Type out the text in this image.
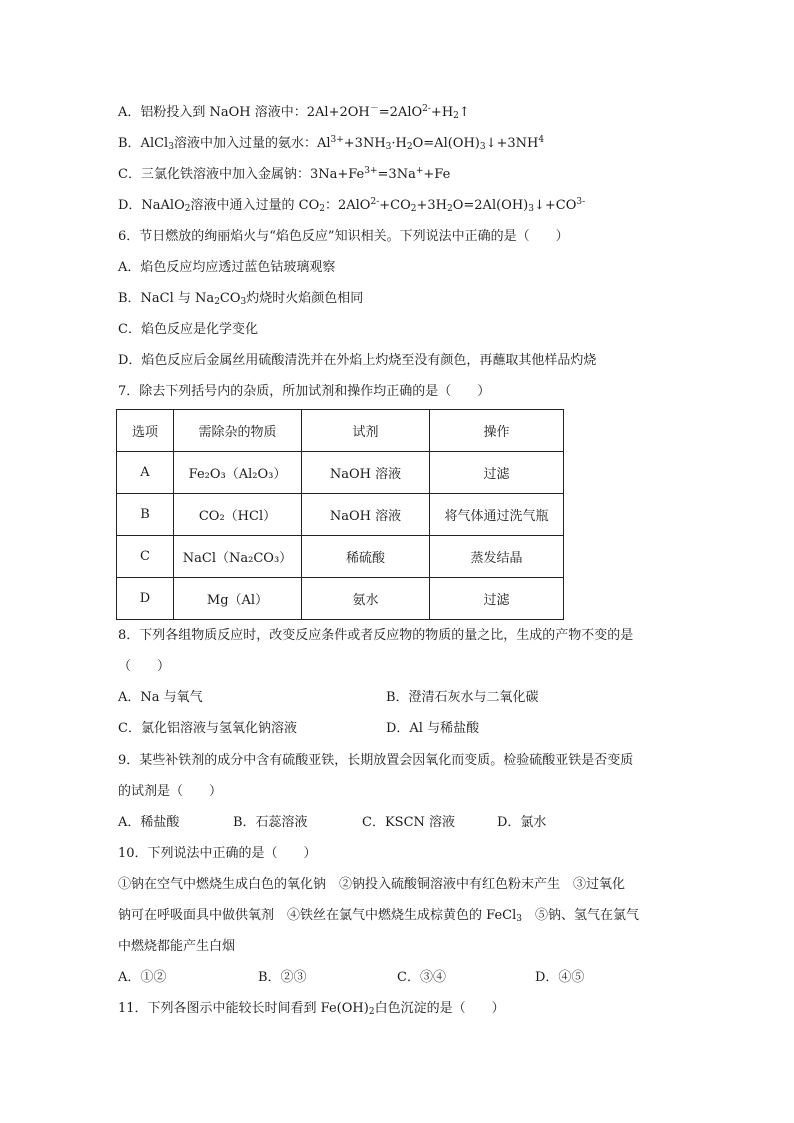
A．铝粉投入到 NaOH 溶液中：$2Al+2OH^-=2AlO^{2-}+H_2↑$
B．AlCl$_3$溶液中加入过量的氨水：$Al^{3+}+3NH_3\cdot H_2O=Al(OH)_3↓+3NH^4$
C．三氯化铁溶液中加入金属钠：$3Na+Fe^{3+}=3Na^++Fe$
D．NaAlO$_2$溶液中通入过量的 $CO_2$：$2AlO^{2-}+CO_2+3H_2O=2Al(OH)_3↓+CO^{3-}$
6．节日燃放的绚丽焰火与“焰色反应”知识相关。下列说法中正确的是（　　）
A．焰色反应均应透过蓝色钴玻璃观察
B．NaCl 与 $Na_2CO_3$灼烧时火焰颜色相同
C．焰色反应是化学变化
D．焰色反应后金属丝用硫酸清洗并在外焰上灼烧至没有颜色，再蘸取其他样品灼烧
7．除去下列括号内的杂质，所加试剂和操作均正确的是（　　）
选项	需除杂的物质	试剂	操作
A	Fe₂O₃（Al₂O₃）	NaOH 溶液	过滤
B	CO₂（HCl）	NaOH 溶液	将气体通过洗气瓶
C	NaCl（Na₂CO₃）	稀硫酸	蒸发结晶
D	Mg（Al）	氨水	过滤
8．下列各组物质反应时，改变反应条件或者反应物的物质的量之比，生成的产物不变的是
（　　）
A．Na 与氧气	B．澄清石灰水与二氧化碳
C．氯化铝溶液与氢氧化钠溶液	D．Al 与稀盐酸
9．某些补铁剂的成分中含有硫酸亚铁，长期放置会因氧化而变质。检验硫酸亚铁是否变质
的试剂是（　　）
A．稀盐酸	B．石蕊溶液	C．KSCN 溶液	D．氯水
10．下列说法中正确的是（　　）
①钠在空气中燃烧生成白色的氧化钠　②钠投入硫酸铜溶液中有红色粉末产生　③过氧化
钠可在呼吸面具中做供氧剂　④铁丝在氯气中燃烧生成棕黄色的 FeCl$_3$　⑤钠、氢气在氯气
中燃烧都能产生白烟
A．①②	B．②③	C．③④	D．④⑤
11．下列各图示中能较长时间看到 $Fe(OH)_2$白色沉淀的是（　　）
